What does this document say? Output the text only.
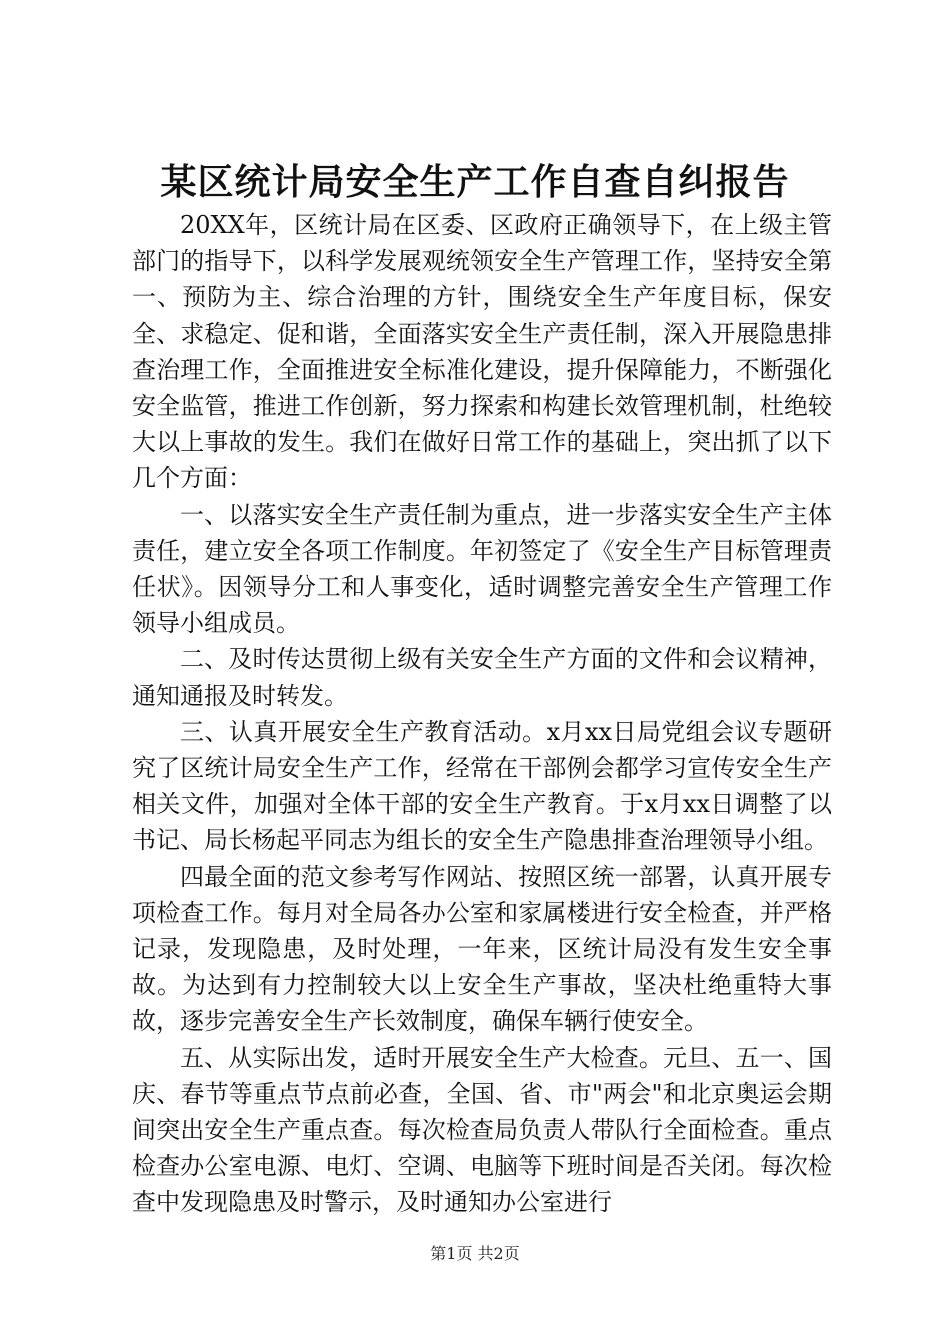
某区统计局安全生产工作自查自纠报告

20XX年，区统计局在区委、区政府正确领导下，在上级主管部门的指导下，以科学发展观统领安全生产管理工作，坚持安全第一、预防为主、综合治理的方针，围绕安全生产年度目标，保安全、求稳定、促和谐，全面落实安全生产责任制，深入开展隐患排查治理工作，全面推进安全标准化建设，提升保障能力，不断强化安全监管，推进工作创新，努力探索和构建长效管理机制，杜绝较大以上事故的发生。我们在做好日常工作的基础上，突出抓了以下几个方面：

一、以落实安全生产责任制为重点，进一步落实安全生产主体责任，建立安全各项工作制度。年初签定了《安全生产目标管理责任状》。因领导分工和人事变化，适时调整完善安全生产管理工作领导小组成员。

二、及时传达贯彻上级有关安全生产方面的文件和会议精神，通知通报及时转发。

三、认真开展安全生产教育活动。x月xx日局党组会议专题研究了区统计局安全生产工作，经常在干部例会都学习宣传安全生产相关文件，加强对全体干部的安全生产教育。于x月xx日调整了以书记、局长杨起平同志为组长的安全生产隐患排查治理领导小组。

四最全面的范文参考写作网站、按照区统一部署，认真开展专项检查工作。每月对全局各办公室和家属楼进行安全检查，并严格记录，发现隐患，及时处理，一年来，区统计局没有发生安全事故。为达到有力控制较大以上安全生产事故，坚决杜绝重特大事故，逐步完善安全生产长效制度，确保车辆行使安全。

五、从实际出发，适时开展安全生产大检查。元旦、五一、国庆、春节等重点节点前必查，全国、省、市"两会"和北京奥运会期间突出安全生产重点查。每次检查局负责人带队行全面检查。重点检查办公室电源、电灯、空调、电脑等下班时间是否关闭。每次检查中发现隐患及时警示，及时通知办公室进行

第1页 共2页
